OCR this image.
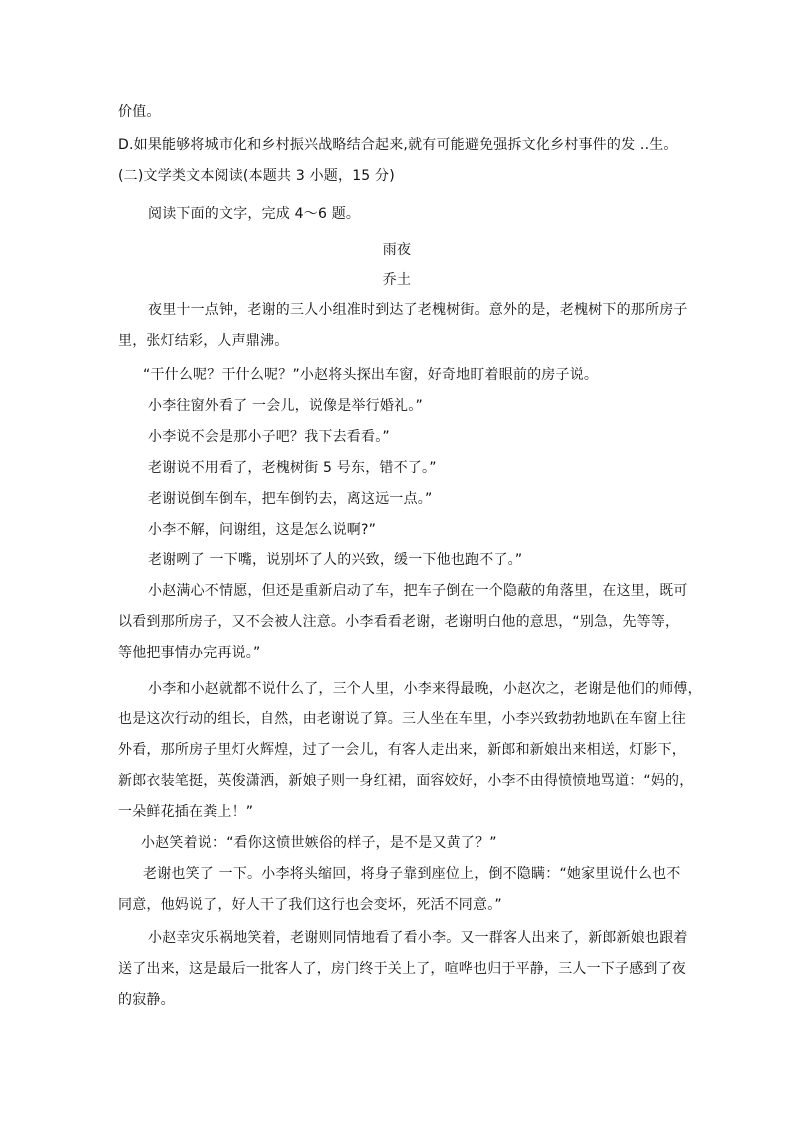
价值。
D.如果能够将城市化和乡村振兴战略结合起来,就有可能避免强拆文化乡村事件的发 ..生。
(二)文学类文本阅读(本题共 3 小题，15 分)
阅读下面的文字，完成 4～6 题。
雨夜
乔土
夜里十一点钟，老谢的三人小组准时到达了老槐树街。意外的是，老槐树下的那所房子
里，张灯结彩，人声鼎沸。
“干什么呢？干什么呢？”小赵将头探出车窗，好奇地盯着眼前的房子说。
小李往窗外看了 一会儿，说像是举行婚礼。”
小李说不会是那小子吧？我下去看看。”
老谢说不用看了，老槐树街 5 号东，错不了。”
老谢说倒车倒车，把车倒钓去，离这远一点。”
小李不解，问谢组，这是怎么说啊?”
老谢咧了 一下嘴，说别坏了人的兴致，缓一下他也跑不了。”
小赵满心不情愿，但还是重新启动了车，把车子倒在一个隐蔽的角落里，在这里，既可
以看到那所房子，又不会被人注意。小李看看老谢，老谢明白他的意思，“别急，先等等，
等他把事情办完再说。”
小李和小赵就都不说什么了，三个人里，小李来得最晚，小赵次之，老谢是他们的师傅，
也是这次行动的组长，自然，由老谢说了算。三人坐在车里，小李兴致勃勃地趴在车窗上往
外看，那所房子里灯火辉煌，过了一会儿，有客人走出来，新郎和新娘出来相送，灯影下，
新郎衣装笔挺，英俊潇洒，新娘子则一身红裙，面容姣好，小李不由得愤愤地骂道：“妈的，
一朵鲜花插在粪上！”
小赵笑着说：“看你这愤世嫉俗的样子，是不是又黄了？”
老谢也笑了 一下。小李将头缩回，将身子靠到座位上，倒不隐瞒：“她家里说什么也不
同意，他妈说了，好人干了我们这行也会变坏，死活不同意。”
小赵幸灾乐祸地笑着，老谢则同情地看了看小李。又一群客人出来了，新郎新娘也跟着
送了出来，这是最后一批客人了，房门终于关上了，喧哗也归于平静，三人一下子感到了夜
的寂静。
